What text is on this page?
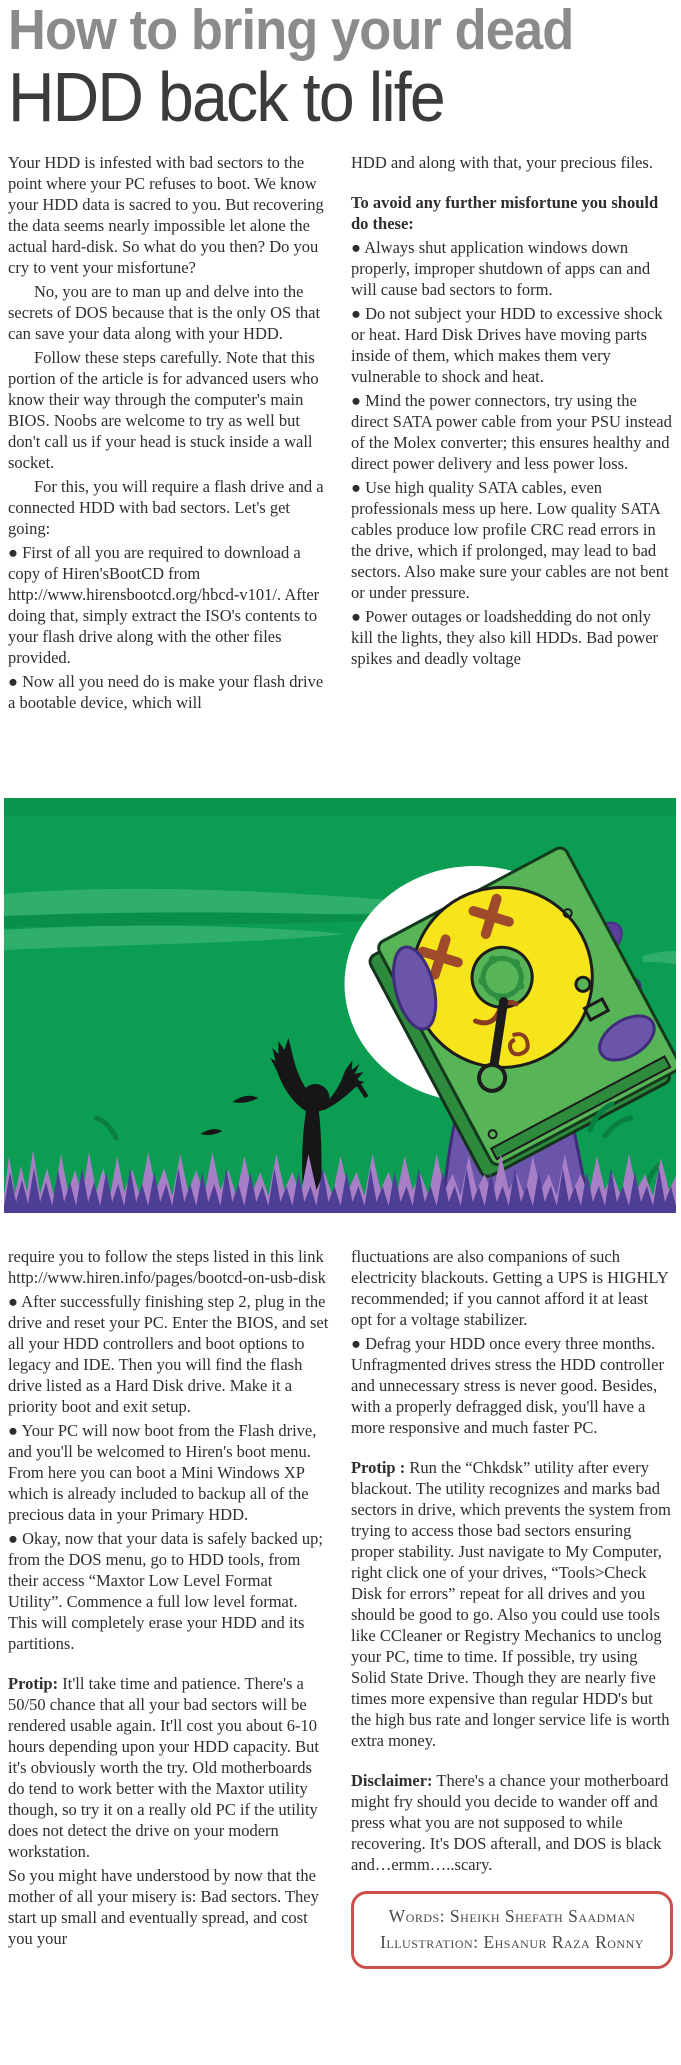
How to bring your dead
HDD back to life

Your HDD is infested with bad sectors to the point where your PC refuses to boot. We know your HDD data is sacred to you. But recovering the data seems nearly impossible let alone the actual hard-disk. So what do you then? Do you cry to vent your misfortune?

No, you are to man up and delve into the secrets of DOS because that is the only OS that can save your data along with your HDD.

Follow these steps carefully. Note that this portion of the article is for advanced users who know their way through the computer's main BIOS. Noobs are welcome to try as well but don't call us if your head is stuck inside a wall socket.

For this, you will require a flash drive and a connected HDD with bad sectors. Let's get going:

● First of all you are required to download a copy of Hiren'sBootCD from http://www.hirensbootcd.org/hbcd-v101/. After doing that, simply extract the ISO's contents to your flash drive along with the other files provided.

● Now all you need do is make your flash drive a bootable device, which will

HDD and along with that, your precious files.

To avoid any further misfortune you should do these:

● Always shut application windows down properly, improper shutdown of apps can and will cause bad sectors to form.

● Do not subject your HDD to excessive shock or heat. Hard Disk Drives have moving parts inside of them, which makes them very vulnerable to shock and heat.

● Mind the power connectors, try using the direct SATA power cable from your PSU instead of the Molex converter; this ensures healthy and direct power delivery and less power loss.

● Use high quality SATA cables, even professionals mess up here. Low quality SATA cables produce low profile CRC read errors in the drive, which if prolonged, may lead to bad sectors. Also make sure your cables are not bent or under pressure.

● Power outages or loadshedding do not only kill the lights, they also kill HDDs. Bad power spikes and deadly voltage

require you to follow the steps listed in this link http://www.hiren.info/pages/bootcd-on-usb-disk

● After successfully finishing step 2, plug in the drive and reset your PC. Enter the BIOS, and set all your HDD controllers and boot options to legacy and IDE. Then you will find the flash drive listed as a Hard Disk drive. Make it a priority boot and exit setup.

● Your PC will now boot from the Flash drive, and you'll be welcomed to Hiren's boot menu. From here you can boot a Mini Windows XP which is already included to backup all of the precious data in your Primary HDD.

● Okay, now that your data is safely backed up; from the DOS menu, go to HDD tools, from their access “Maxtor Low Level Format Utility”. Commence a full low level format. This will completely erase your HDD and its partitions.

Protip: It'll take time and patience. There's a 50/50 chance that all your bad sectors will be rendered usable again. It'll cost you about 6-10 hours depending upon your HDD capacity. But it's obviously worth the try. Old motherboards do tend to work better with the Maxtor utility though, so try it on a really old PC if the utility does not detect the drive on your modern workstation.

So you might have understood by now that the mother of all your misery is: Bad sectors. They start up small and eventually spread, and cost you your

fluctuations are also companions of such electricity blackouts. Getting a UPS is HIGHLY recommended; if you cannot afford it at least opt for a voltage stabilizer.

● Defrag your HDD once every three months. Unfragmented drives stress the HDD controller and unnecessary stress is never good. Besides, with a properly defragged disk, you'll have a more responsive and much faster PC.

Protip : Run the “Chkdsk” utility after every blackout. The utility recognizes and marks bad sectors in drive, which prevents the system from trying to access those bad sectors ensuring proper stability. Just navigate to My Computer, right click one of your drives, “Tools>Check Disk for errors” repeat for all drives and you should be good to go. Also you could use tools like CCleaner or Registry Mechanics to unclog your PC, time to time. If possible, try using Solid State Drive. Though they are nearly five times more expensive than regular HDD's but the high bus rate and longer service life is worth extra money.

Disclaimer: There's a chance your motherboard might fry should you decide to wander off and press what you are not supposed to while recovering. It's DOS afterall, and DOS is black and…ermm…..scary.

Words: Sheikh Shefath Saadman
Illustration: Ehsanur Raza Ronny
